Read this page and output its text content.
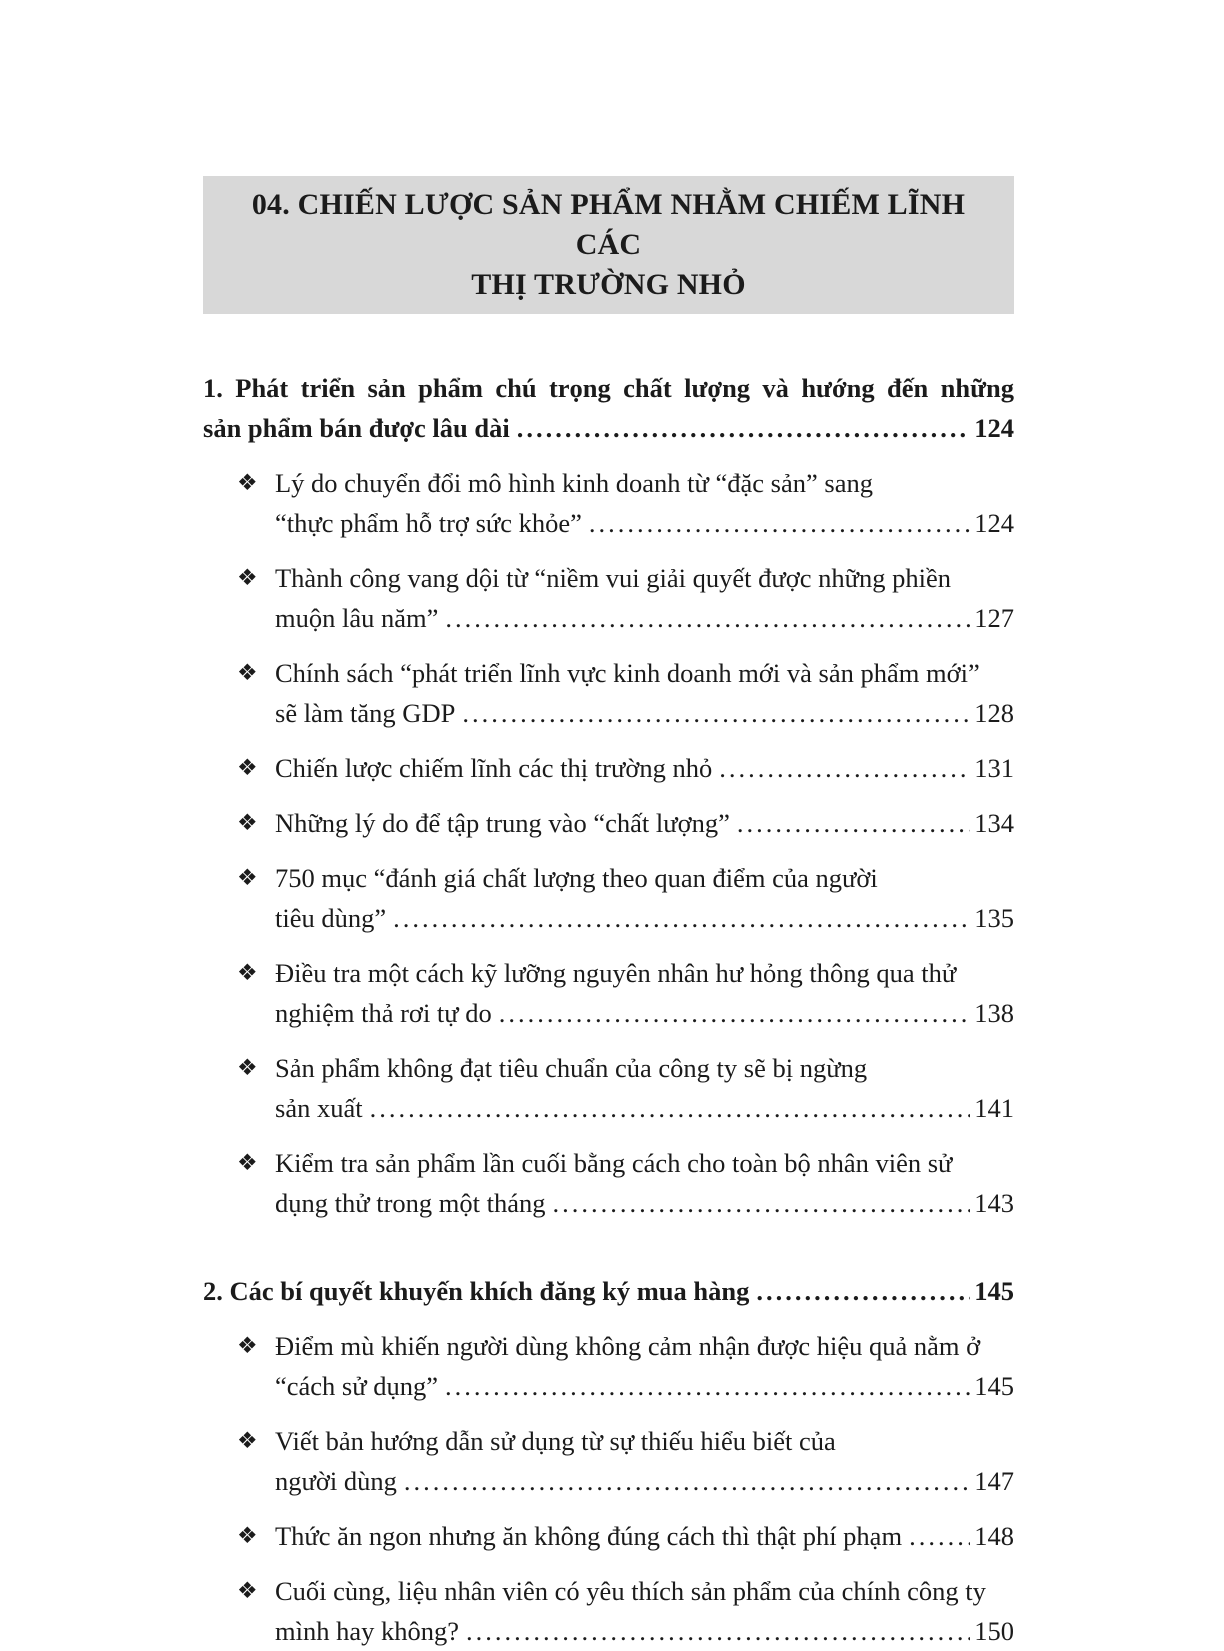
04. CHIẾN LƯỢC SẢN PHẨM NHẰM CHIẾM LĨNH CÁC
THỊ TRƯỜNG NHỎ
1. Phát triển sản phẩm chú trọng chất lượng và hướng đến những
sản phẩm bán được lâu dài .....	124
❖ Lý do chuyển đổi mô hình kinh doanh từ “đặc sản” sang
“thực phẩm hỗ trợ sức khỏe” .....	124
❖ Thành công vang dội từ “niềm vui giải quyết được những phiền
muộn lâu năm” .....	127
❖ Chính sách “phát triển lĩnh vực kinh doanh mới và sản phẩm mới”
sẽ làm tăng GDP .....	128
❖ Chiến lược chiếm lĩnh các thị trường nhỏ .....	131
❖ Những lý do để tập trung vào “chất lượng” .....	134
❖ 750 mục “đánh giá chất lượng theo quan điểm của người
tiêu dùng” .....	135
❖ Điều tra một cách kỹ lưỡng nguyên nhân hư hỏng thông qua thử
nghiệm thả rơi tự do .....	138
❖ Sản phẩm không đạt tiêu chuẩn của công ty sẽ bị ngừng
sản xuất .....	141
❖ Kiểm tra sản phẩm lần cuối bằng cách cho toàn bộ nhân viên sử
dụng thử trong một tháng .....	143
2. Các bí quyết khuyến khích đăng ký mua hàng .....	145
❖ Điểm mù khiến người dùng không cảm nhận được hiệu quả nằm ở
“cách sử dụng” .....	145
❖ Viết bản hướng dẫn sử dụng từ sự thiếu hiểu biết của
người dùng .....	147
❖ Thức ăn ngon nhưng ăn không đúng cách thì thật phí phạm .....	148
❖ Cuối cùng, liệu nhân viên có yêu thích sản phẩm của chính công ty
mình hay không? .....	150
